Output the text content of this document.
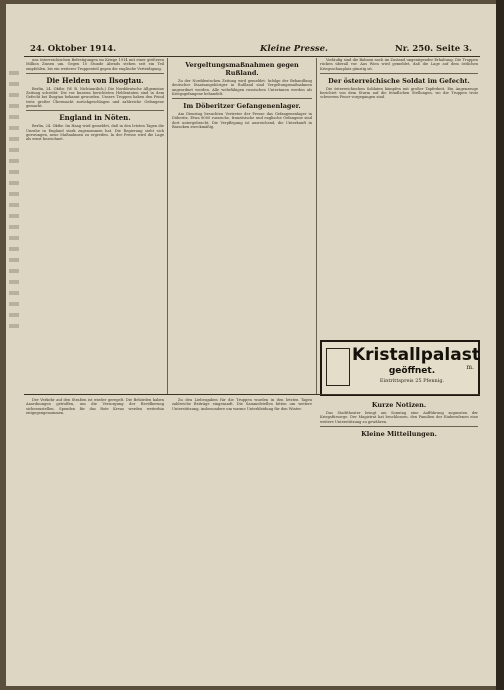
24. Oktober 1914.	Kleine Presse.	Nr. 250. Seite 3.

uns österreichischen Befestigungen im Kriege 1914 mit einer größeren Million Zinsen um. Gegen 10 Stunde Abends stehen seit ein Teil empfohlen, bis ein weiterer Truppenteil gegen die englische Verteidigung.

Die Helden von Ilsogtau.

Berlin, 24. Oktbr. (W. B. Nichtamtlich.) Die Norddeutsche Allgemeine Zeitung schreibt: Die vor kurzem berichteten Heldentaten sind in dem Gefecht bei Ilsogtau bekannt geworden. Unsere Truppen haben den Feind trotz großer Übermacht zurückgeschlagen und zahlreiche Gefangene gemacht.

England in Nöten.

Berlin, 24. Oktbr. Im Haag wird gemeldet, daß in den letzten Tagen die Unruhe in England stark zugenommen hat. Die Regierung sieht sich gezwungen, neue Maßnahmen zu ergreifen. In der Presse wird die Lage als ernst bezeichnet.

Vergeltungsmaßnahmen gegen Rußland.

Zu der Norddeutschen Zeitung wird gemeldet: Infolge der Behandlung deutscher Staatsangehöriger in Rußland sind Vergeltungsmaßnahmen angeordnet worden. Alle wehrfähigen russischen Untertanen werden als Kriegsgefangene behandelt.

Im Döberitzer Gefangenenlager.

Am Dienstag besuchten Vertreter der Presse das Gefangenenlager in Döberitz. Etwa 8000 russische, französische und englische Gefangene sind dort untergebracht. Die Verpflegung ist ausreichend, die Unterkunft in Baracken zweckmäßig.

Vorläufig sind die Bahnen noch im Zustand ungenügender Erhaltung. Die Truppen rücken überall vor. Aus Wien wird gemeldet, daß die Lage auf dem östlichen Kriegsschauplatz günstig ist.

Der österreichische Soldat im Gefecht.

Die österreichischen Soldaten kämpfen mit großer Tapferkeit. Ein Augenzeuge berichtet von dem Sturm auf die feindlichen Stellungen, wo die Truppen trotz schwerem Feuer vorgegangen sind.

Kristallpalast
geöffnet.
Eintrittspreis 25 Pfennig.
m.

Der Verkehr auf den Straßen ist wieder geregelt. Die Behörden haben Anordnungen getroffen, um die Versorgung der Bevölkerung sicherzustellen. Spenden für das Rote Kreuz werden weiterhin entgegengenommen.

Zu den Liebesgaben für die Truppen wurden in den letzten Tagen zahlreiche Beiträge eingesandt. Die Sammelstellen bitten um weitere Unterstützung, insbesondere um warme Unterkleidung für den Winter.	Kurze Notizen.

Das Stadttheater bringt am Sonntag eine Aufführung zugunsten der Kriegsfürsorge. Der Magistrat hat beschlossen, den Familien der Einberufenen eine weitere Unterstützung zu gewähren.

Kleine Mitteilungen.
